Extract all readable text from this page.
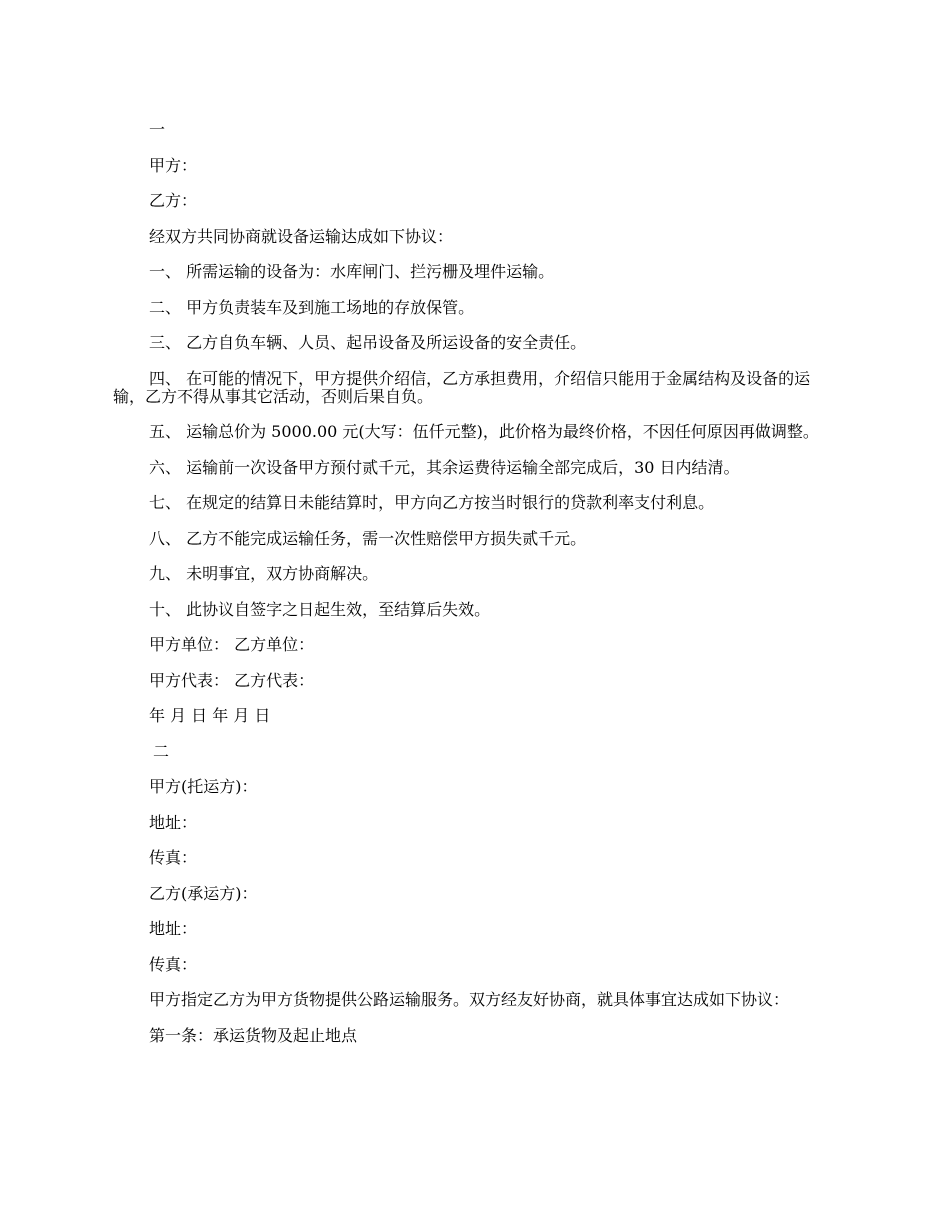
一

甲方：

乙方：

经双方共同协商就设备运输达成如下协议：

一、 所需运输的设备为：水库闸门、拦污栅及埋件运输。

二、 甲方负责装车及到施工场地的存放保管。

三、 乙方自负车辆、人员、起吊设备及所运设备的安全责任。

四、 在可能的情况下，甲方提供介绍信，乙方承担费用，介绍信只能用于金属结构及设备的运输，乙方不得从事其它活动，否则后果自负。

五、 运输总价为 5000.00 元(大写：伍仟元整)，此价格为最终价格，不因任何原因再做调整。

六、 运输前一次设备甲方预付贰千元，其余运费待运输全部完成后，30 日内结清。

七、 在规定的结算日未能结算时，甲方向乙方按当时银行的贷款利率支付利息。

八、 乙方不能完成运输任务，需一次性赔偿甲方损失贰千元。

九、 未明事宜，双方协商解决。

十、 此协议自签字之日起生效，至结算后失效。

甲方单位： 乙方单位：

甲方代表： 乙方代表：

年 月 日 年 月 日

二

甲方(托运方)：

地址：

传真：

乙方(承运方)：

地址：

传真：

甲方指定乙方为甲方货物提供公路运输服务。双方经友好协商，就具体事宜达成如下协议：

第一条：承运货物及起止地点
